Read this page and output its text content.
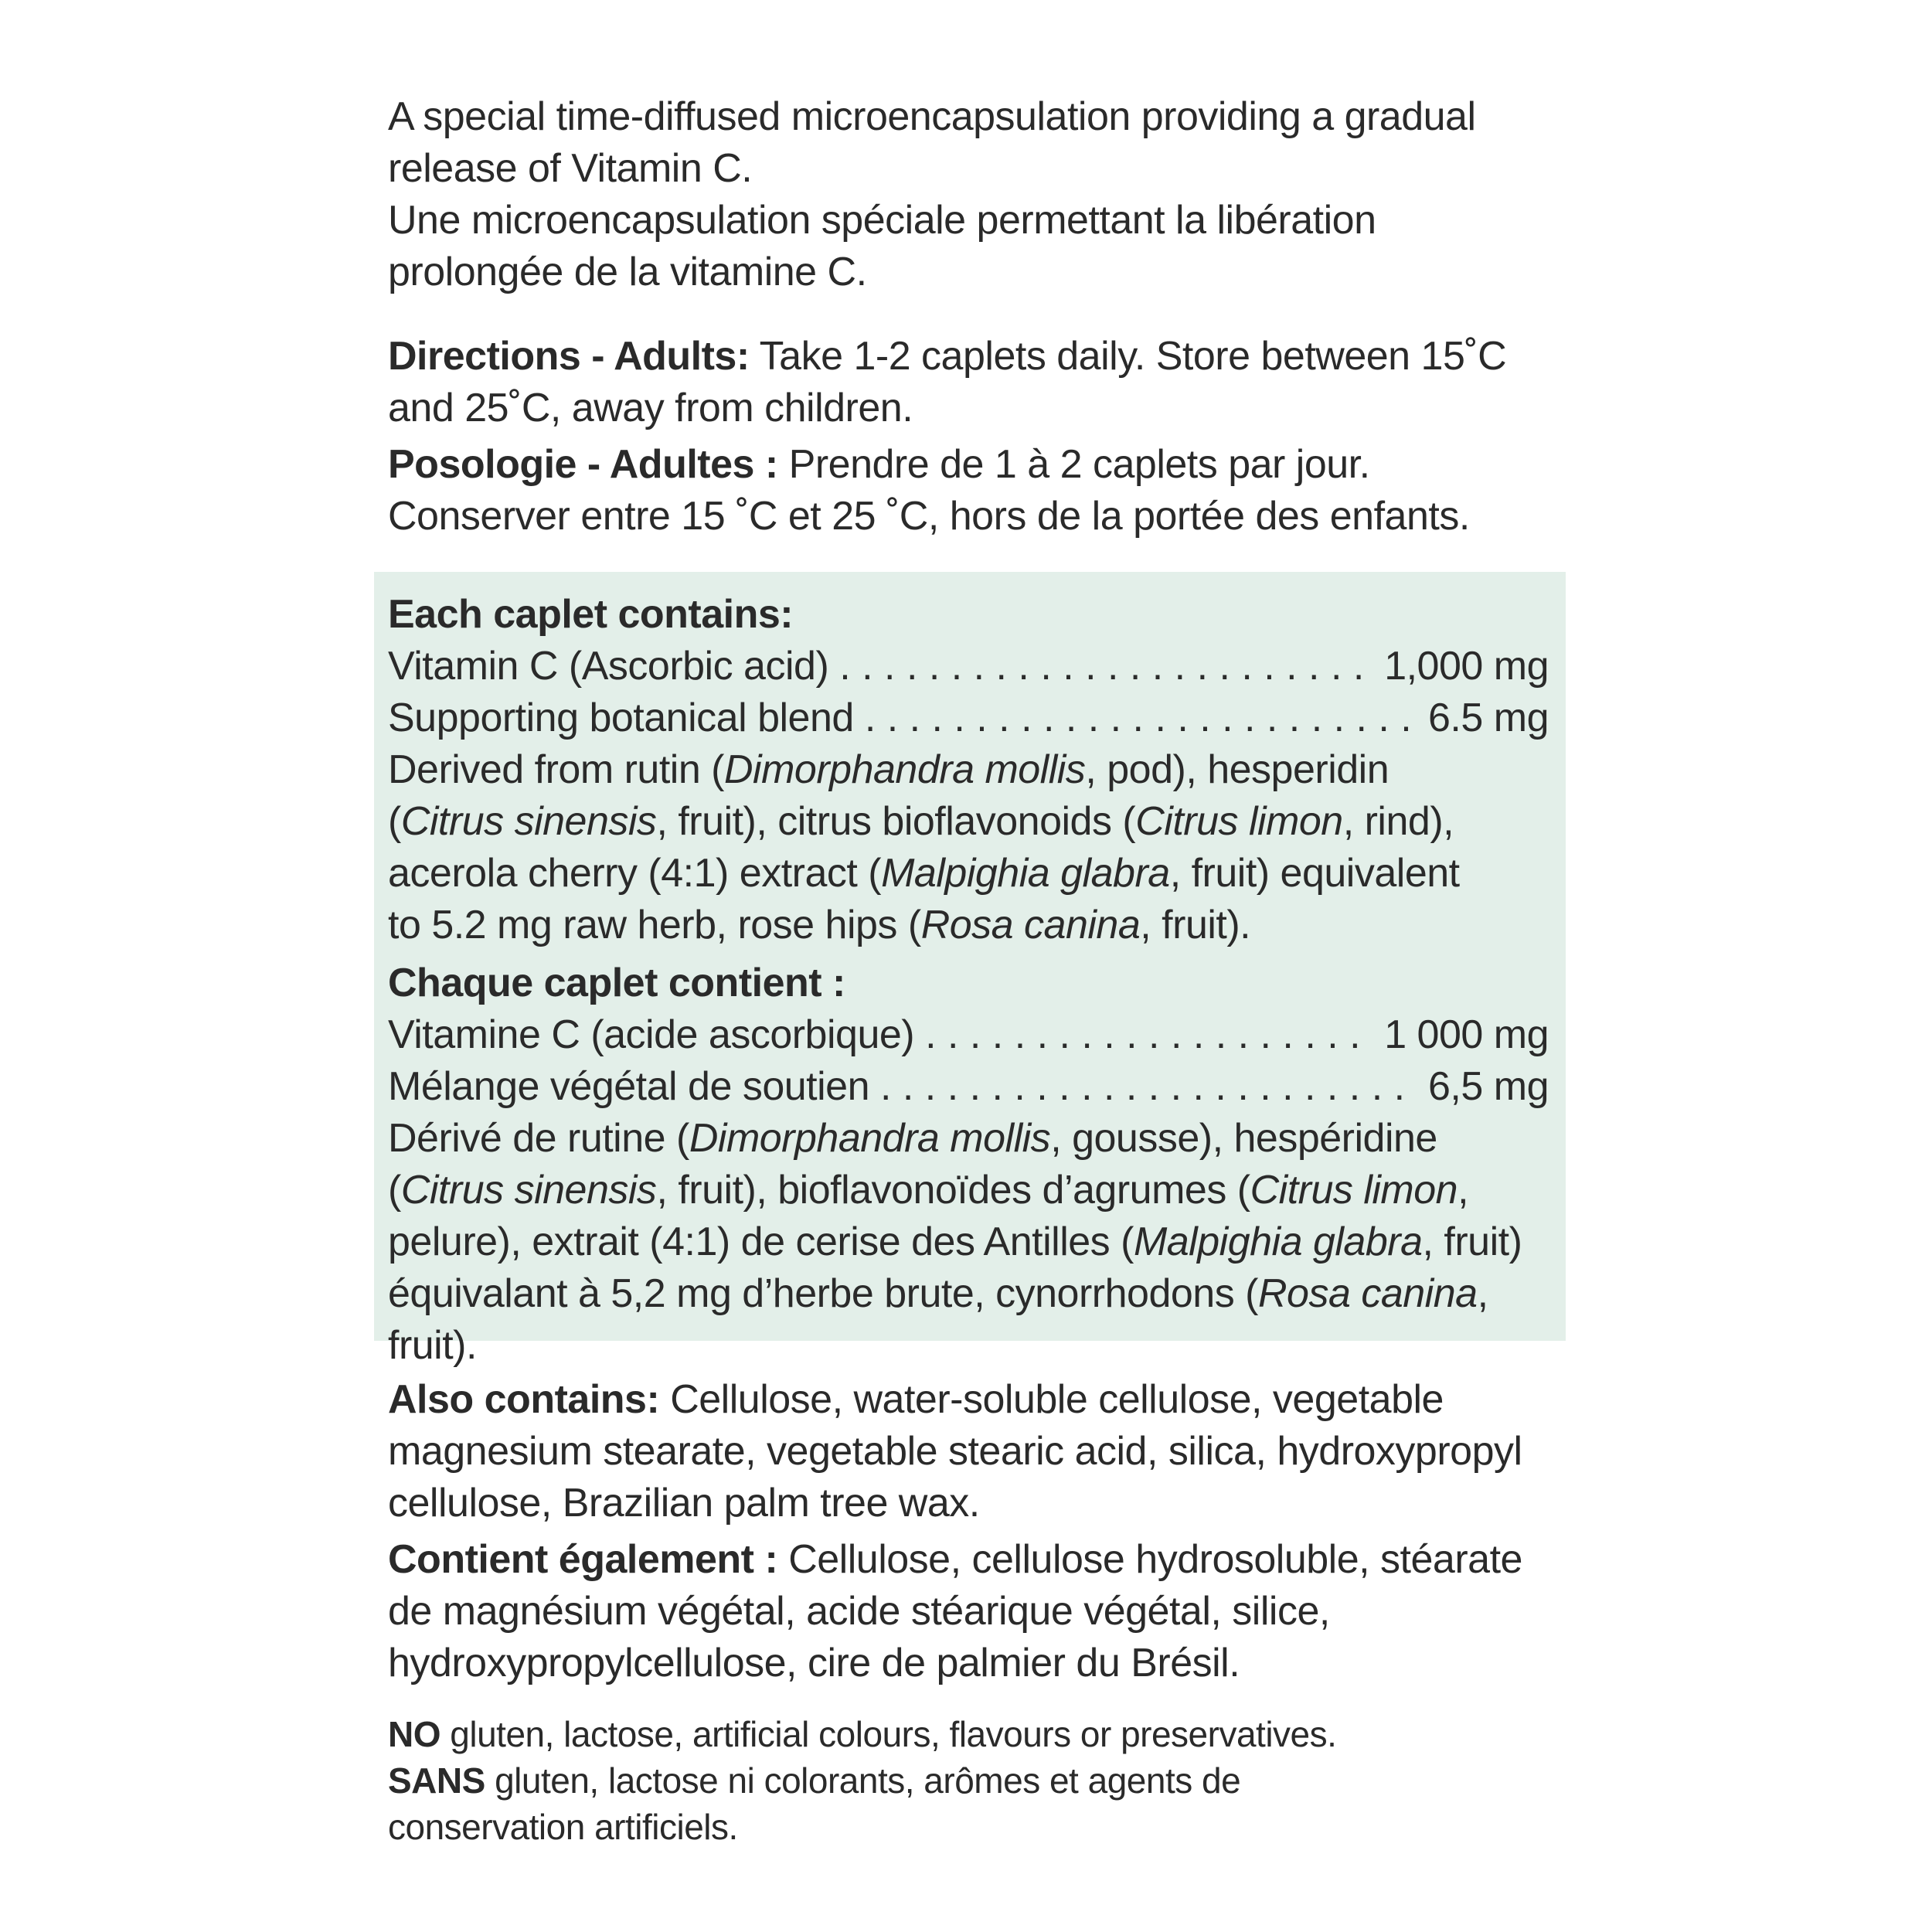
A special time-diffused microencapsulation providing a gradual release of Vitamin C.

Une microencapsulation spéciale permettant la libération prolongée de la vitamine C.

Directions - Adults: Take 1-2 caplets daily. Store between 15˚C and 25˚C, away from children.

Posologie - Adultes : Prendre de 1 à 2 caplets par jour. Conserver entre 15 ˚C et 25 ˚C, hors de la portée des enfants.

Each caplet contains:

Vitamin C (Ascorbic acid) . . .	1,000 mg
Supporting botanical blend . . .	6.5 mg

Derived from rutin (Dimorphandra mollis, pod), hesperidin (Citrus sinensis, fruit), citrus bioflavonoids (Citrus limon, rind), acerola cherry (4:1) extract (Malpighia glabra, fruit) equivalent to 5.2 mg raw herb, rose hips (Rosa canina, fruit).

Chaque caplet contient :

Vitamine C (acide ascorbique) . . .	1 000 mg
Mélange végétal de soutien . . .	6,5 mg

Dérivé de rutine (Dimorphandra mollis, gousse), hespéridine (Citrus sinensis, fruit), bioflavonoïdes d’agrumes (Citrus limon, pelure), extrait (4:1) de cerise des Antilles (Malpighia glabra, fruit) équivalant à 5,2 mg d’herbe brute, cynorrhodons (Rosa canina, fruit).

Also contains: Cellulose, water-soluble cellulose, vegetable magnesium stearate, vegetable stearic acid, silica, hydroxypropyl cellulose, Brazilian palm tree wax.

Contient également : Cellulose, cellulose hydrosoluble, stéarate de magnésium végétal, acide stéarique végétal, silice, hydroxypropylcellulose, cire de palmier du Brésil.

NO gluten, lactose, artificial colours, flavours or preservatives.

SANS gluten, lactose ni colorants, arômes et agents de conservation artificiels.
